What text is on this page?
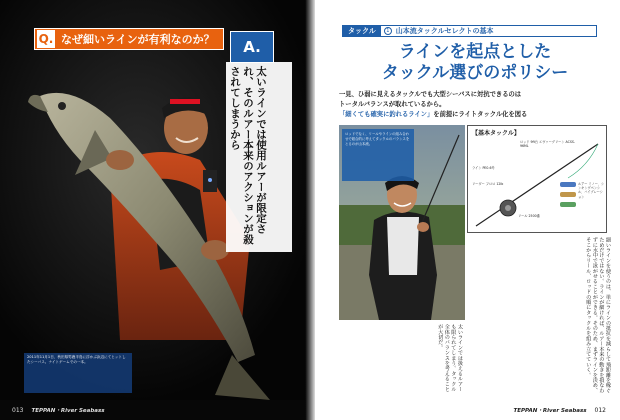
Q. なぜ細いラインが有利なのか？ A.
太いラインでは使用ルアーが限定され、そのルアー本来のアクションが殺されてしまうから
2011年11月1日、秋田県男鹿半島に浮かぶ浜辺にてヒットしたシーバス。ナイトゲームでの一本。
013 TEPPAN・River Seabass
タックル	1 山本流タックルセレクトの基本
ラインを起点とした
タックル選びのポリシー
一見、ひ弱に見えるタックルでも大型シーバスに対抗できるのは
トータルバランスが取れているから。
「細くても確実に釣れるライン」を前提にライトタックル化を図る
ロッドでなく、リールやラインの組み合わせで総合的に考えてタックルのバランスをとるのが山本流。
【基本タックル】
ロッド 9ft台 エヴァーグリーン ACSS-96ML
ライン PE0.6号
リーダー フロロ 12lb
リール 2500番
ルアー ミノー、シンキングペンシル、バイブレーション
細いラインを使うのは、単にラインの抵抗を減らして飛距離を稼ぐためだけではない。ラインが細ければ、ルアー本来の動きを損なわずに水中で泳がせることができる。そのため、まずラインを決め、そこからリール、ロッドの順にタックルを組み立てていく。
太いラインでは扱えるルアーも限られてしまう。タックル全体のバランスを考えることが大切だ。
TEPPAN・River Seabass 012
